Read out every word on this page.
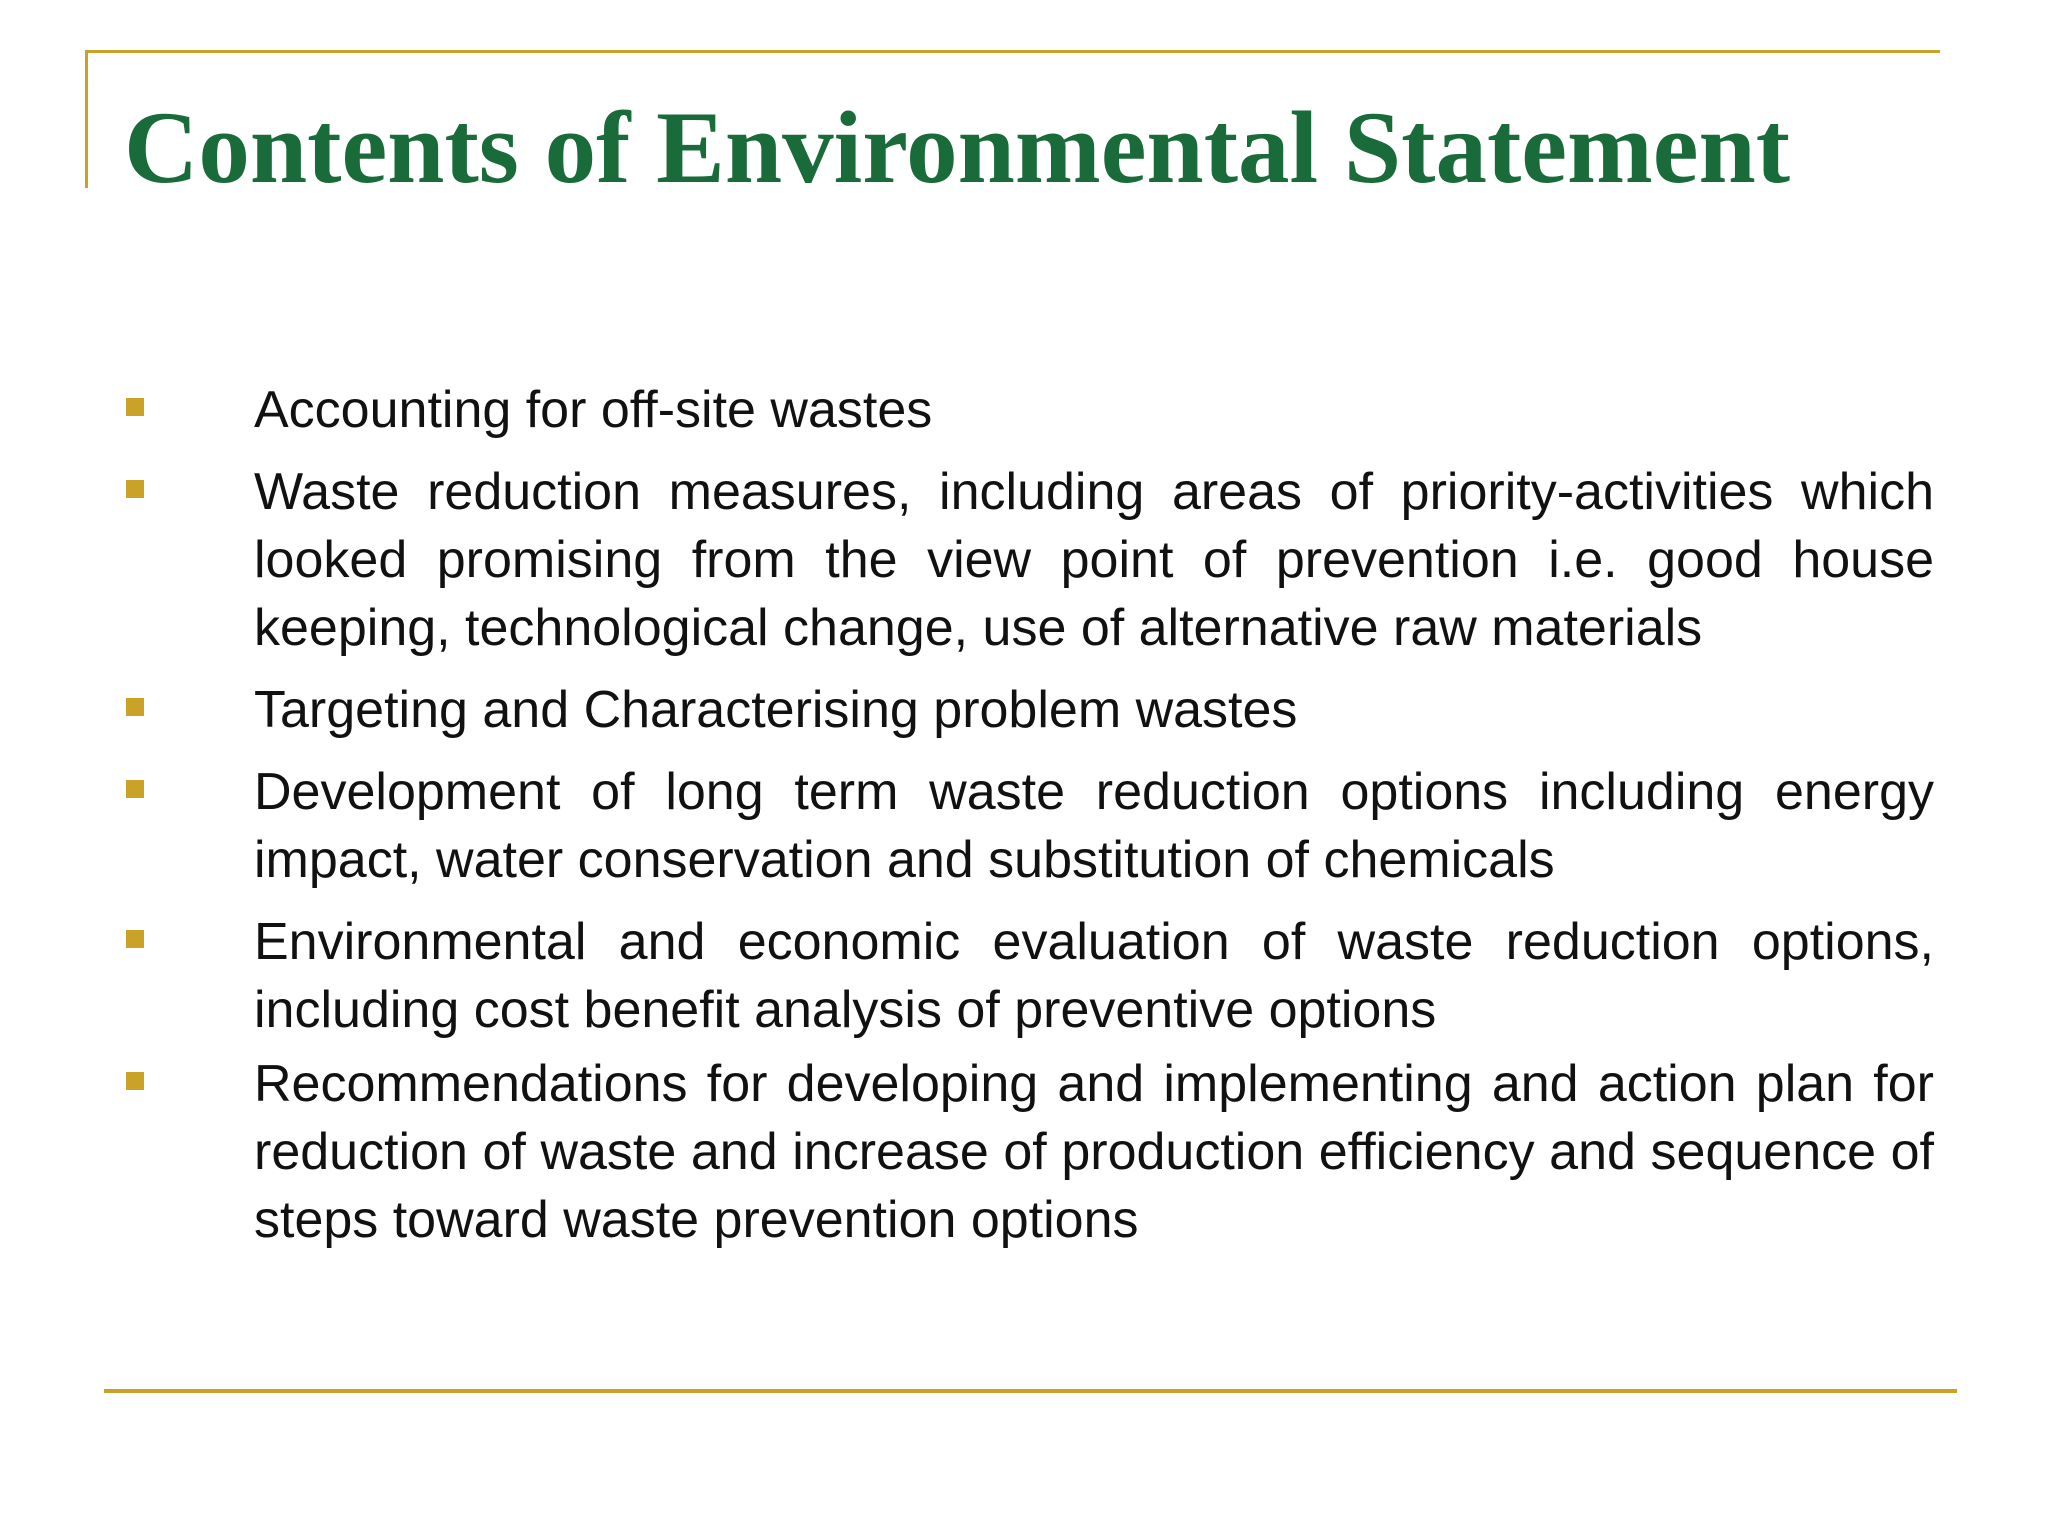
Contents of Environmental Statement
Accounting for off-site wastes
Waste reduction measures, including areas of priority-activities which looked promising from the view point of prevention i.e. good house keeping, technological change, use of alternative raw materials
Targeting and Characterising problem wastes
Development of long term waste reduction options including energy impact, water conservation and substitution of chemicals
Environmental and economic evaluation of waste reduction options, including cost benefit analysis of preventive options
Recommendations for developing and implementing and action plan for reduction of waste and increase of production efficiency and sequence of steps toward waste prevention options
